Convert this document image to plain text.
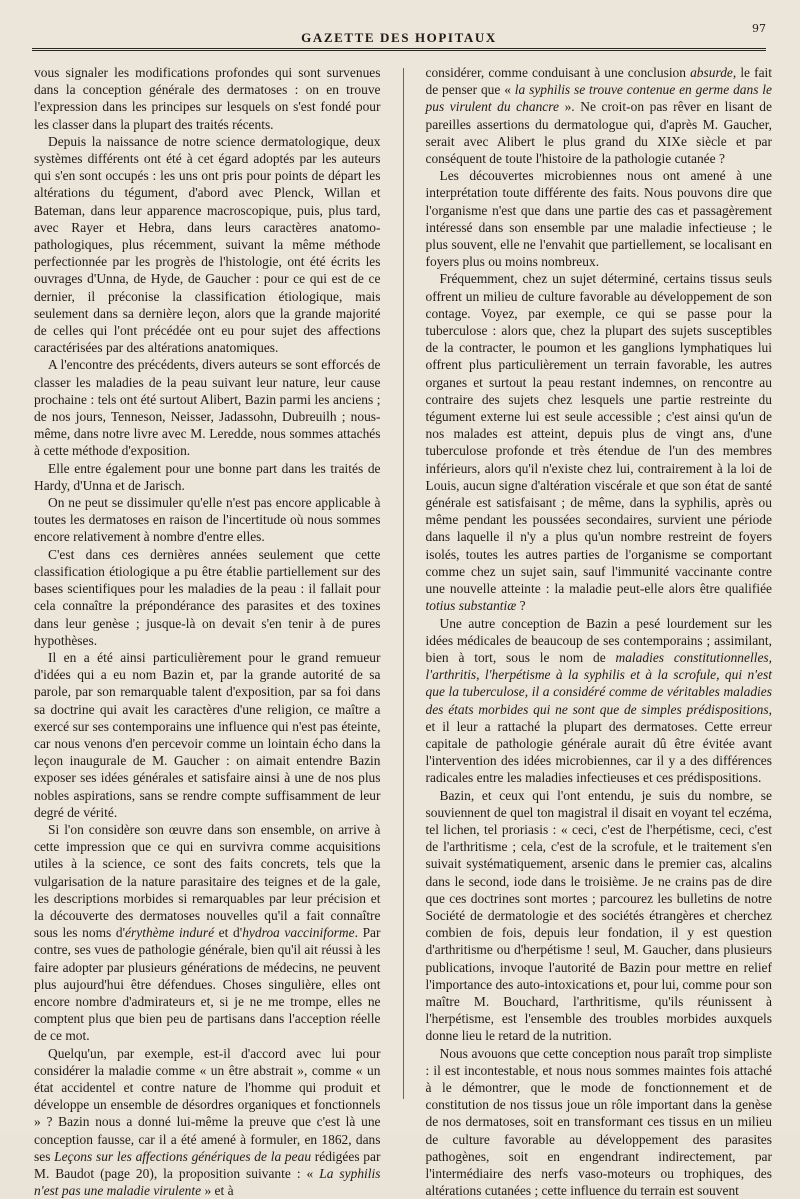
GAZETTE DES HOPITAUX
97

vous signaler les modifications profondes qui sont survenues dans la conception générale des dermatoses : on en trouve l'expression dans les principes sur lesquels on s'est fondé pour les classer dans la plupart des traités récents.

Depuis la naissance de notre science dermatologique, deux systèmes différents ont été à cet égard adoptés par les auteurs qui s'en sont occupés : les uns ont pris pour points de départ les altérations du tégument, d'abord avec Plenck, Willan et Bateman, dans leur apparence macroscopique, puis, plus tard, avec Rayer et Hebra, dans leurs caractères anatomo-pathologiques, plus récemment, suivant la même méthode perfectionnée par les progrès de l'histologie, ont été écrits les ouvrages d'Unna, de Hyde, de Gaucher : pour ce qui est de ce dernier, il préconise la classification étiologique, mais seulement dans sa dernière leçon, alors que la grande majorité de celles qui l'ont précédée ont eu pour sujet des affections caractérisées par des altérations anatomiques.

A l'encontre des précédents, divers auteurs se sont efforcés de classer les maladies de la peau suivant leur nature, leur cause prochaine : tels ont été surtout Alibert, Bazin parmi les anciens ; de nos jours, Tenneson, Neisser, Jadassohn, Dubreuilh ; nous-même, dans notre livre avec M. Leredde, nous sommes attachés à cette méthode d'exposition.

Elle entre également pour une bonne part dans les traités de Hardy, d'Unna et de Jarisch.

On ne peut se dissimuler qu'elle n'est pas encore applicable à toutes les dermatoses en raison de l'incertitude où nous sommes encore relativement à nombre d'entre elles.

C'est dans ces dernières années seulement que cette classification étiologique a pu être établie partiellement sur des bases scientifiques pour les maladies de la peau : il fallait pour cela connaître la prépondérance des parasites et des toxines dans leur genèse ; jusque-là on devait s'en tenir à de pures hypothèses.

Il en a été ainsi particulièrement pour le grand remueur d'idées qui a eu nom Bazin et, par la grande autorité de sa parole, par son remarquable talent d'exposition, par sa foi dans sa doctrine qui avait les caractères d'une religion, ce maître a exercé sur ses contemporains une influence qui n'est pas éteinte, car nous venons d'en percevoir comme un lointain écho dans la leçon inaugurale de M. Gaucher : on aimait entendre Bazin exposer ses idées générales et satisfaire ainsi à une de nos plus nobles aspirations, sans se rendre compte suffisamment de leur degré de vérité.

Si l'on considère son œuvre dans son ensemble, on arrive à cette impression que ce qui en survivra comme acquisitions utiles à la science, ce sont des faits concrets, tels que la vulgarisation de la nature parasitaire des teignes et de la gale, les descriptions morbides si remarquables par leur précision et la découverte des dermatoses nouvelles qu'il a fait connaître sous les noms d'érythème induré et d'hydroa vacciniforme. Par contre, ses vues de pathologie générale, bien qu'il ait réussi à les faire adopter par plusieurs générations de médecins, ne peuvent plus aujourd'hui être défendues. Choses singulière, elles ont encore nombre d'admirateurs et, si je ne me trompe, elles ne comptent plus que bien peu de partisans dans l'acception réelle de ce mot.

Quelqu'un, par exemple, est-il d'accord avec lui pour considérer la maladie comme « un être abstrait », comme « un état accidentel et contre nature de l'homme qui produit et développe un ensemble de désordres organiques et fonctionnels » ? Bazin nous a donné lui-même la preuve que c'est là une conception fausse, car il a été amené à formuler, en 1862, dans ses Leçons sur les affections génériques de la peau rédigées par M. Baudot (page 20), la proposition suivante : « La syphilis n'est pas une maladie virulente » et à

considérer, comme conduisant à une conclusion absurde, le fait de penser que « la syphilis se trouve contenue en germe dans le pus virulent du chancre ». Ne croit-on pas rêver en lisant de pareilles assertions du dermatologue qui, d'après M. Gaucher, serait avec Alibert le plus grand du XIXe siècle et par conséquent de toute l'histoire de la pathologie cutanée ?

Les découvertes microbiennes nous ont amené à une interprétation toute différente des faits. Nous pouvons dire que l'organisme n'est que dans une partie des cas et passagèrement intéressé dans son ensemble par une maladie infectieuse ; le plus souvent, elle ne l'envahit que partiellement, se localisant en foyers plus ou moins nombreux.

Fréquemment, chez un sujet déterminé, certains tissus seuls offrent un milieu de culture favorable au développement de son contage. Voyez, par exemple, ce qui se passe pour la tuberculose : alors que, chez la plupart des sujets susceptibles de la contracter, le poumon et les ganglions lymphatiques lui offrent plus particulièrement un terrain favorable, les autres organes et surtout la peau restant indemnes, on rencontre au contraire des sujets chez lesquels une partie restreinte du tégument externe lui est seule accessible ; c'est ainsi qu'un de nos malades est atteint, depuis plus de vingt ans, d'une tuberculose profonde et très étendue de l'un des membres inférieurs, alors qu'il n'existe chez lui, contrairement à la loi de Louis, aucun signe d'altération viscérale et que son état de santé générale est satisfaisant ; de même, dans la syphilis, après ou même pendant les poussées secondaires, survient une période dans laquelle il n'y a plus qu'un nombre restreint de foyers isolés, toutes les autres parties de l'organisme se comportant comme chez un sujet sain, sauf l'immunité vaccinante contre une nouvelle atteinte : la maladie peut-elle alors être qualifiée totius substantiæ ?

Une autre conception de Bazin a pesé lourdement sur les idées médicales de beaucoup de ses contemporains ; assimilant, bien à tort, sous le nom de maladies constitutionnelles, l'arthritis, l'herpétisme à la syphilis et à la scrofule, qui n'est que la tuberculose, il a considéré comme de véritables maladies des états morbides qui ne sont que de simples prédispositions, et il leur a rattaché la plupart des dermatoses. Cette erreur capitale de pathologie générale aurait dû être évitée avant l'intervention des idées microbiennes, car il y a des différences radicales entre les maladies infectieuses et ces prédispositions.

Bazin, et ceux qui l'ont entendu, je suis du nombre, se souviennent de quel ton magistral il disait en voyant tel eczéma, tel lichen, tel proriasis : « ceci, c'est de l'herpétisme, ceci, c'est de l'arthritisme ; cela, c'est de la scrofule, et le traitement s'en suivait systématiquement, arsenic dans le premier cas, alcalins dans le second, iode dans le troisième. Je ne crains pas de dire que ces doctrines sont mortes ; parcourez les bulletins de notre Société de dermatologie et des sociétés étrangères et cherchez combien de fois, depuis leur fondation, il y est question d'arthritisme ou d'herpétisme ! seul, M. Gaucher, dans plusieurs publications, invoque l'autorité de Bazin pour mettre en relief l'importance des auto-intoxications et, pour lui, comme pour son maître M. Bouchard, l'arthritisme, qu'ils réunissent à l'herpétisme, est l'ensemble des troubles morbides auxquels donne lieu le retard de la nutrition.

Nous avouons que cette conception nous paraît trop simpliste : il est incontestable, et nous nous sommes maintes fois attaché à le démontrer, que le mode de fonctionnement et de constitution de nos tissus joue un rôle important dans la genèse de nos dermatoses, soit en transformant ces tissus en un milieu de culture favorable au développement des parasites pathogènes, soit en engendrant indirectement, par l'intermédiaire des nerfs vaso-moteurs ou trophiques, des altérations cutanées ; cette influence du terrain est souvent
